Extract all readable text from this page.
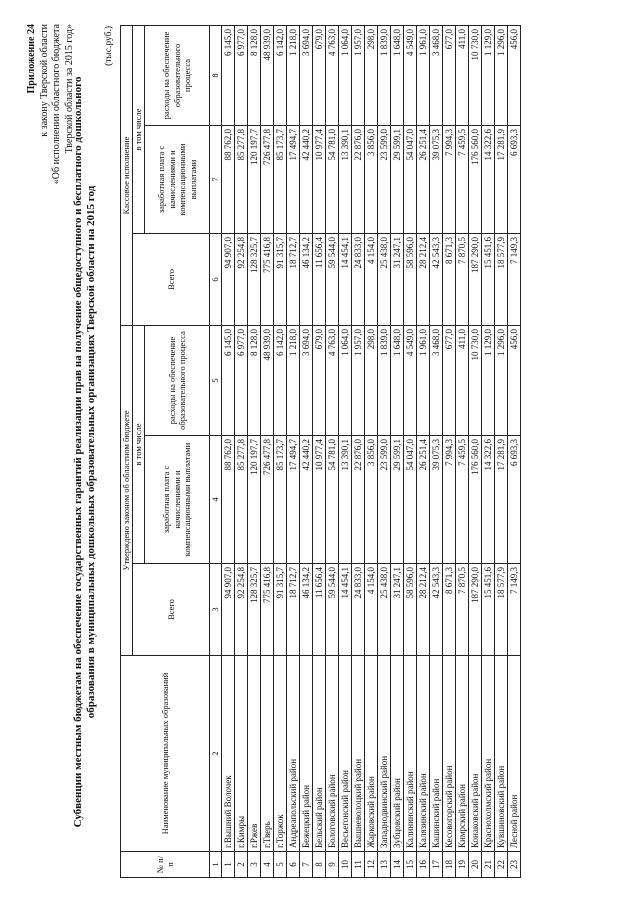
Приложение 24 к закону Тверской области «Об исполнении областного бюджета Тверской области за 2015 год»
Субвенции местным бюджетам на обеспечение государственных гарантий реализации прав на получение общедоступного и бесплатного дошкольного образования в муниципальных дошкольных образовательных организациях Тверской области на 2015 год
(тыс.руб.)
№ п/п	Наименование муниципальных образований	Утверждено законом об областном бюджете			Кассовое исполнение		
		Всего	в том числе		Всего	в том числе	
			заработная плата с начислениями и компенсационными выплатами	расходы на обеспечение образовательного процесса		заработная плата с начислениями и компенсационными выплатами	расходы на обеспечение образовательного процесса
1	2	3	4	5	6	7	8
1	г.Вышний Волочек	94 907,0	88 762,0	6 145,0	94 907,0	88 762,0	6 145,0
2	г.Кимры	92 254,8	85 277,8	6 977,0	92 254,8	85 277,8	6 977,0
3	г.Ржев	128 325,7	120 197,7	8 128,0	128 325,7	120 197,7	8 128,0
4	г.Тверь	775 416,8	726 477,8	48 939,0	775 416,8	726 477,8	48 939,0
5	г.Торжок	91 315,7	85 173,7	6 142,0	91 315,7	85 173,7	6 142,0
6	Андреапольский район	18 712,7	17 494,7	1 218,0	18 712,7	17 494,7	1 218,0
7	Бежецкий район	46 134,2	42 440,2	3 694,0	46 134,2	42 440,2	3 694,0
8	Бельский район	11 656,4	10 977,4	679,0	11 656,4	10 977,4	679,0
9	Бологовский район	59 544,0	54 781,0	4 763,0	59 544,0	54 781,0	4 763,0
10	Весьегонский район	14 454,1	13 390,1	1 064,0	14 454,1	13 390,1	1 064,0
11	Вышневолоцкий район	24 833,0	22 876,0	1 957,0	24 833,0	22 876,0	1 957,0
12	Жарковский район	4 154,0	3 856,0	298,0	4 154,0	3 856,0	298,0
13	Западнодвинский район	25 438,0	23 599,0	1 839,0	25 438,0	23 599,0	1 839,0
14	Зубцовский район	31 247,1	29 599,1	1 648,0	31 247,1	29 599,1	1 648,0
15	Калининский район	58 596,0	54 047,0	4 549,0	58 596,0	54 047,0	4 549,0
16	Калязинский район	28 212,4	26 251,4	1 961,0	28 212,4	26 251,4	1 961,0
17	Кашинский район	42 543,3	39 075,3	3 468,0	42 543,3	39 075,3	3 468,0
18	Кесовогорский район	8 671,3	7 994,3	677,0	8 671,3	7 994,3	677,0
19	Кимрский район	7 870,5	7 459,5	411,0	7 870,5	7 459,5	411,0
20	Конаковский район	187 290,0	176 560,0	10 730,0	187 290,0	176 560,0	10 730,0
21	Краснохолмский район	15 451,6	14 322,6	1 129,0	15 451,6	14 322,6	1 129,0
22	Кувшиновский район	18 577,9	17 281,9	1 296,0	18 577,9	17 281,9	1 296,0
23	Лесной район	7 149,3	6 693,3	456,0	7 149,3	6 693,3	456,0
